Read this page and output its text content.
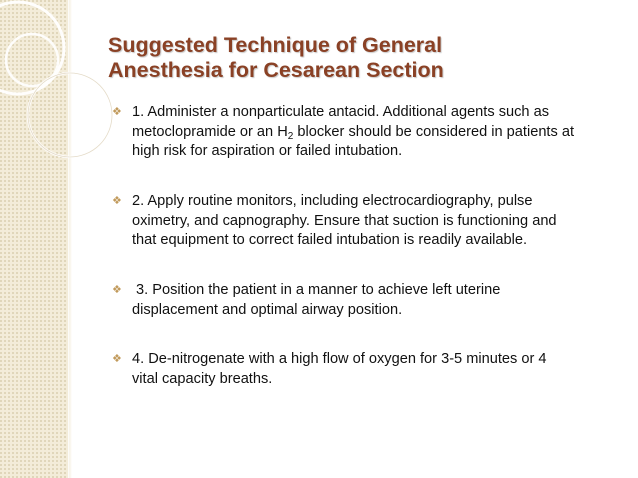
Suggested Technique of General
Anesthesia for Cesarean Section
❖ 1. Administer a nonparticulate antacid. Additional agents such as
metoclopramide or an $H_2$ blocker should be considered in patients at
high risk for aspiration or failed intubation.
❖ 2. Apply routine monitors, including electrocardiography, pulse
oximetry, and capnography. Ensure that suction is functioning and
that equipment to correct failed intubation is readily available.
❖ 3. Position the patient in a manner to achieve left uterine
displacement and optimal airway position.
❖ 4. De-nitrogenate with a high flow of oxygen for 3-5 minutes or 4
vital capacity breaths.
